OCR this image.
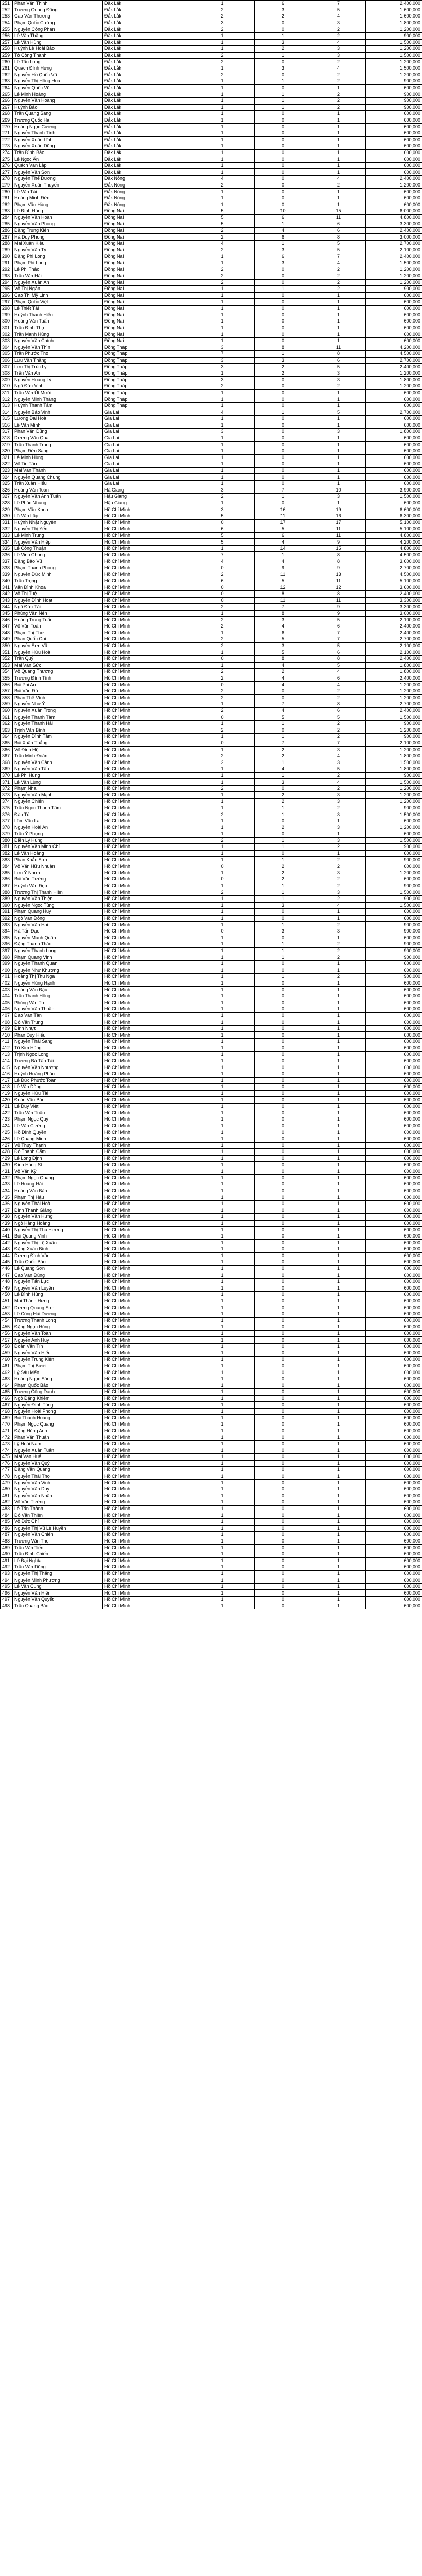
251	Phan Văn Thịnh	Đắk Lắk	1	6	7	2,400,000
252	Trương Quang Đồng	Đắk Lắk	2	3	5	1,600,000
253	Cao Văn Thương	Đắk Lắk	2	2	4	1,600,000
254	Phạm Quốc Cường	Đắk Lắk	3	0	3	1,800,000
255	Nguyễn Công Phán	Đắk Lắk	2	0	2	1,200,000
256	Lê Văn Thắng	Đắk Lắk	1	1	2	900,000
257	Lê Văn Hùng	Đắk Lắk	1	3	4	1,500,000
258	Huỳnh Lê Hoài Bảo	Đắk Lắk	1	2	3	1,200,000
259	Tô Công Thành	Đắk Lắk	2	1	3	1,500,000
260	Lê Tấn Long	Đắk Lắk	2	0	2	1,200,000
261	Quách Đình Hưng	Đắk Lắk	1	3	4	1,500,000
262	Nguyễn Hồ Quốc Vũ	Đắk Lắk	2	0	2	1,200,000
263	Nguyễn Thị Hồng Hoa	Đắk Lắk	1	1	2	900,000
264	Nguyễn Quốc Vũ	Đắk Lắk	1	0	1	600,000
265	Lê Minh Hoàng	Đắk Lắk	1	1	2	900,000
266	Nguyễn Văn Hoàng	Đắk Lắk	1	1	2	900,000
267	Huỳnh Bảo	Đắk Lắk	1	1	2	900,000
268	Trần Quang Sang	Đắk Lắk	1	0	1	600,000
269	Trương Quốc Hà	Đắk Lắk	1	0	1	600,000
270	Hoàng Ngọc Cường	Đắk Lắk	1	0	1	600,000
271	Nguyễn Thanh Tính	Đắk Lắk	1	0	1	600,000
272	Nguyễn Xuân Lĩnh	Đắk Lắk	1	0	1	600,000
273	Nguyễn Xuân Dũng	Đắk Lắk	1	0	1	600,000
274	Trần Đình Bảo	Đắk Lắk	1	0	1	600,000
275	Lê Ngọc Ẩn	Đắk Lắk	1	0	1	600,000
276	Quách Văn Lập	Đắk Lắk	1	0	1	600,000
277	Nguyễn Văn Sơn	Đắk Lắk	1	0	1	600,000
278	Nguyễn Thế Dương	Đắk Nông	4	0	4	2,400,000
279	Nguyễn Xuân Thuyến	Đắk Nông	2	0	2	1,200,000
280	Lê Văn Tài	Đắk Nông	1	0	1	600,000
281	Hoàng Minh Đức	Đắk Nông	1	0	1	600,000
282	Phạm Văn Hùng	Đắk Nông	1	0	1	600,000
283	Lê Đình Hùng	Đồng Nai	5	10	15	6,000,000
284	Nguyễn Văn Hoàn	Đồng Nai	5	6	11	4,800,000
285	Nguyễn Văn Phong	Đồng Nai	5	1	6	3,300,000
286	Đặng Trung Kiên	Đồng Nai	2	4	6	2,400,000
287	Hà Duy Phong	Đồng Nai	2	6	8	3,000,000
288	Mai Xuân Kiều	Đồng Nai	4	1	5	2,700,000
289	Nguyễn Văn Tý	Đồng Nai	2	3	5	2,100,000
290	Đặng Phi Long	Đồng Nai	1	6	7	2,400,000
291	Phạm Phi Long	Đồng Nai	1	3	4	1,500,000
292	Lê Phi Thảo	Đồng Nai	2	0	2	1,200,000
293	Trần Văn Hải	Đồng Nai	2	0	2	1,200,000
294	Nguyễn Xuân An	Đồng Nai	2	0	2	1,200,000
295	Võ Thị Ngân	Đồng Nai	1	1	2	900,000
296	Cao Thị Mỹ Linh	Đồng Nai	1	0	1	600,000
297	Phạm Quốc Việt	Đồng Nai	1	0	1	600,000
298	Lê Thiết Tài	Đồng Nai	1	0	1	600,000
299	Huỳnh Thanh Hiếu	Đồng Nai	1	0	1	600,000
300	Hoàng Văn Tuấn	Đồng Nai	1	0	1	600,000
301	Trần Đình Thọ	Đồng Nai	1	0	1	600,000
302	Trần Mạnh Hùng	Đồng Nai	1	0	1	600,000
303	Nguyễn Văn Chính	Đồng Nai	1	0	1	600,000
304	Nguyễn Văn Thìn	Đồng Tháp	3	8	11	4,200,000
305	Trần Phước Thọ	Đồng Tháp	7	1	8	4,500,000
306	Lưu Văn Thắng	Đồng Tháp	3	3	6	2,700,000
307	Lưu Thị Trúc Ly	Đồng Tháp	3	2	5	2,400,000
308	Trần Văn An	Đồng Tháp	1	2	3	1,200,000
309	Nguyễn Hoàng Lý	Đồng Tháp	3	0	3	1,800,000
310	Ngô Đức Vịnh	Đồng Tháp	2	0	2	1,200,000
311	Trần Văn Út Mười	Đồng Tháp	1	0	1	600,000
312	Nguyễn Minh Thắng	Đồng Tháp	1	0	1	600,000
313	Huỳnh Thanh Tâm	Đồng Tháp	1	0	1	600,000
314	Nguyễn Bảo Vinh	Gia Lai	4	1	5	2,700,000
315	Lương Đại Hoà	Gia Lai	1	0	1	600,000
316	Lê Văn Minh	Gia Lai	1	0	1	600,000
317	Phan Văn Dũng	Gia Lai	3	0	3	1,800,000
318	Dương Văn Qua	Gia Lai	1	0	1	600,000
319	Trần Thanh Trung	Gia Lai	1	0	1	600,000
320	Phạm Đức Sang	Gia Lai	1	0	1	600,000
321	Lê Minh Hùng	Gia Lai	1	0	1	600,000
322	Võ Tin Tân	Gia Lai	1	0	1	600,000
323	Mai Văn Thành	Gia Lai	1	0	1	600,000
324	Nguyễn Quang Chung	Gia Lai	1	0	1	600,000
325	Trần Xuân Hiếu	Gia Lai	1	0	1	600,000
326	Hoàng Văn Toàn	Hà Giang	3	7	10	3,900,000
327	Nguyễn Văn Anh Tuấn	Hậu Giang	2	1	3	1,500,000
328	Lê Phúc Nhung	Hậu Giang	1	0	1	600,000
329	Phạm Văn Khoa	Hồ Chí Minh	3	16	19	6,600,000
330	Lã Văn Lập	Hồ Chí Minh	5	11	16	6,300,000
331	Huỳnh Nhật Nguyên	Hồ Chí Minh	0	17	17	5,100,000
332	Nguyễn Thị Yến	Hồ Chí Minh	6	5	11	5,100,000
333	Lê Minh Trung	Hồ Chí Minh	5	6	11	4,800,000
334	Nguyễn Văn Hiệp	Hồ Chí Minh	5	4	9	4,200,000
335	Lê Công Thuận	Hồ Chí Minh	1	14	15	4,800,000
336	Lê Vinh Chung	Hồ Chí Minh	7	1	8	4,500,000
337	Đặng Bảo Vũ	Hồ Chí Minh	4	4	8	3,600,000
338	Phạm Thanh Phong	Hồ Chí Minh	0	9	9	2,700,000
339	Nguyễn Đức Minh	Hồ Chí Minh	2	11	13	4,500,000
340	Trần Trọng	Hồ Chí Minh	6	5	11	5,100,000
341	Văn Đình Khoa	Hồ Chí Minh	0	12	12	3,600,000
342	Võ Thị Tuệ	Hồ Chí Minh	0	8	8	2,400,000
343	Nguyễn Đình Hoạt	Hồ Chí Minh	0	11	11	3,300,000
344	Ngô Đức Tài	Hồ Chí Minh	2	7	9	3,300,000
345	Phùng Văn Nên	Hồ Chí Minh	1	8	9	3,000,000
346	Hoàng Trung Tuấn	Hồ Chí Minh	2	3	5	2,100,000
347	Võ Văn Toàn	Hồ Chí Minh	2	4	6	2,400,000
348	Phạm Thị Thơ	Hồ Chí Minh	1	6	7	2,400,000
349	Phan Quốc Oai	Hồ Chí Minh	2	5	7	2,700,000
350	Nguyễn Sơn Vũ	Hồ Chí Minh	2	3	5	2,100,000
351	Nguyễn Hữu Hoà	Hồ Chí Minh	1	5	6	2,100,000
352	Trần Quý	Hồ Chí Minh	0	8	8	2,400,000
353	Mai Văn Sức	Hồ Chí Minh	1	4	5	1,800,000
354	Võ Quang Thương	Hồ Chí Minh	2	2	4	1,800,000
355	Trương Đình Tĩnh	Hồ Chí Minh	2	4	6	2,400,000
356	Bùi Phi An	Hồ Chí Minh	0	4	4	1,200,000
357	Bùi Văn Đủ	Hồ Chí Minh	2	0	2	1,200,000
358	Phan Thế Vĩnh	Hồ Chí Minh	2	0	2	1,200,000
359	Nguyễn Như Ý	Hồ Chí Minh	1	7	8	2,700,000
360	Nguyễn Xuân Trọng	Hồ Chí Minh	2	4	6	2,400,000
361	Nguyễn Thanh Tâm	Hồ Chí Minh	0	5	5	1,500,000
362	Nguyễn Thanh Hải	Hồ Chí Minh	1	1	2	900,000
363	Trịnh Văn Bình	Hồ Chí Minh	2	0	2	1,200,000
364	Nguyễn Đình Tâm	Hồ Chí Minh	1	1	2	900,000
365	Bùi Xuân Thắng	Hồ Chí Minh	0	7	7	2,100,000
366	Võ Đình Hội	Hồ Chí Minh	1	2	3	1,200,000
367	Trần Minh Đoàn	Hồ Chí Minh	2	2	4	1,800,000
368	Nguyễn Văn Cảnh	Hồ Chí Minh	2	1	3	1,500,000
369	Nguyễn Văn Tấn	Hồ Chí Minh	1	4	5	1,800,000
370	Lê Phi Hùng	Hồ Chí Minh	1	1	2	900,000
371	Lê Văn Lùng	Hồ Chí Minh	1	3	4	1,500,000
372	Phạm Nha	Hồ Chí Minh	2	0	2	1,200,000
373	Nguyễn Văn Mạnh	Hồ Chí Minh	1	2	3	1,200,000
374	Nguyễn Chiến	Hồ Chí Minh	1	2	3	1,200,000
375	Trần Ngọc Thanh Tâm	Hồ Chí Minh	1	1	2	900,000
376	Đào Tú	Hồ Chí Minh	2	1	3	1,500,000
377	Lâm Văn Lai	Hồ Chí Minh	1	0	1	600,000
378	Nguyễn Hoài An	Hồ Chí Minh	1	2	3	1,200,000
379	Trần Ý Phụng	Hồ Chí Minh	1	0	1	600,000
380	Điền Lý Hùng	Hồ Chí Minh	2	1	3	1,500,000
381	Nguyễn Văn Minh Chí	Hồ Chí Minh	1	1	2	900,000
382	Lê Văn Hoàng	Hồ Chí Minh	1	0	1	600,000
383	Phan Khắc Sơn	Hồ Chí Minh	1	1	2	900,000
384	Võ Văn Hữu Nhuận	Hồ Chí Minh	0	2	2	600,000
385	Lưu Ý Nhơn	Hồ Chí Minh	1	2	3	1,200,000
386	Bùi Văn Tường	Hồ Chí Minh	0	2	2	600,000
387	Huỳnh Văn Đẹp	Hồ Chí Minh	1	1	2	900,000
388	Trương Thị Thanh Hiền	Hồ Chí Minh	2	1	3	1,500,000
389	Nguyễn Văn Thiện	Hồ Chí Minh	1	1	2	900,000
390	Nguyễn Ngọc Tùng	Hồ Chí Minh	1	3	4	1,500,000
391	Phạm Quang Huy	Hồ Chí Minh	1	0	1	600,000
392	Ngô Văn Đông	Hồ Chí Minh	1	0	1	600,000
393	Nguyễn Văn Hai	Hồ Chí Minh	1	1	2	900,000
394	Hà Tấn Đạo	Hồ Chí Minh	0	3	3	900,000
395	Nguyễn Mạnh Quân	Hồ Chí Minh	1	0	1	600,000
396	Đặng Thanh Thảo	Hồ Chí Minh	1	1	2	900,000
397	Nguyễn Thanh Long	Hồ Chí Minh	1	1	2	900,000
398	Phạm Quang Vinh	Hồ Chí Minh	1	1	2	900,000
399	Nguyễn Thanh Quan	Hồ Chí Minh	1	0	1	600,000
400	Nguyễn Như Khương	Hồ Chí Minh	1	0	1	600,000
401	Hoàng Thị Thu Nga	Hồ Chí Minh	1	1	2	900,000
402	Nguyễn Hùng Hạnh	Hồ Chí Minh	1	0	1	600,000
403	Hoàng Văn Đậu	Hồ Chí Minh	1	0	1	600,000
404	Trần Thanh Hồng	Hồ Chí Minh	1	0	1	600,000
405	Phùng Văn Tư	Hồ Chí Minh	1	0	1	600,000
406	Nguyễn Văn Thuần	Hồ Chí Minh	1	0	1	600,000
407	Đào Văn Tân	Hồ Chí Minh	1	0	1	600,000
408	Đỗ Văn Trung	Hồ Chí Minh	1	0	1	600,000
409	Đinh Nhựt	Hồ Chí Minh	1	0	1	600,000
410	Phan Duy Hiếu	Hồ Chí Minh	1	0	1	600,000
411	Nguyễn Thái Sang	Hồ Chí Minh	1	0	1	600,000
412	Tô Kim Hùng	Hồ Chí Minh	1	0	1	600,000
413	Trịnh Ngọc Long	Hồ Chí Minh	1	0	1	600,000
414	Trương Bá Tấn Tài	Hồ Chí Minh	1	0	1	600,000
415	Nguyễn Văn Nhường	Hồ Chí Minh	1	0	1	600,000
416	Huỳnh Hoàng Phúc	Hồ Chí Minh	1	0	1	600,000
417	Lê Đức Phước Toàn	Hồ Chí Minh	1	0	1	600,000
418	Lê Văn Dũng	Hồ Chí Minh	1	0	1	600,000
419	Nguyễn Hữu Tài	Hồ Chí Minh	1	0	1	600,000
420	Đoàn Văn Bảo	Hồ Chí Minh	1	0	1	600,000
421	Lê Duy Việt	Hồ Chí Minh	1	0	1	600,000
422	Trần Văn Tuấn	Hồ Chí Minh	1	0	1	600,000
423	Phạm Ngọc Quý	Hồ Chí Minh	1	0	1	600,000
424	Lê Văn Cường	Hồ Chí Minh	1	0	1	600,000
425	Hồ Đình Quyền	Hồ Chí Minh	1	0	1	600,000
426	Lê Quang Minh	Hồ Chí Minh	1	0	1	600,000
427	Vũ Thụy Thạnh	Hồ Chí Minh	1	0	1	600,000
428	Đỗ Thanh Cẩm	Hồ Chí Minh	1	0	1	600,000
429	Lê Long Định	Hồ Chí Minh	1	0	1	600,000
430	Đinh Hùng Sĩ	Hồ Chí Minh	1	0	1	600,000
431	Võ Văn Kỹ	Hồ Chí Minh	1	0	1	600,000
432	Phạm Ngọc Quang	Hồ Chí Minh	1	0	1	600,000
433	Lê Hoàng Hải	Hồ Chí Minh	1	0	1	600,000
434	Hoàng Văn Bản	Hồ Chí Minh	1	0	1	600,000
435	Phạm Thị Hậu	Hồ Chí Minh	1	0	1	600,000
436	Nguyễn Thái Hoà	Hồ Chí Minh	1	0	1	600,000
437	Đinh Thanh Giảng	Hồ Chí Minh	1	0	1	600,000
438	Nguyễn Văn Hưng	Hồ Chí Minh	1	0	1	600,000
439	Ngô Hàng Hoàng	Hồ Chí Minh	1	0	1	600,000
440	Nguyễn Thị Thu Hương	Hồ Chí Minh	1	0	1	600,000
441	Bùi Quang Vinh	Hồ Chí Minh	1	0	1	600,000
442	Nguyễn Thị Lệ Xuân	Hồ Chí Minh	1	0	1	600,000
443	Đặng Xuân Bình	Hồ Chí Minh	1	0	1	600,000
444	Dương Đình Vân	Hồ Chí Minh	1	0	1	600,000
445	Trần Quốc Bảo	Hồ Chí Minh	1	0	1	600,000
446	Lê Quang Sơn	Hồ Chí Minh	1	0	1	600,000
447	Cao Văn Đúng	Hồ Chí Minh	1	0	1	600,000
448	Nguyễn Tấn Lực	Hồ Chí Minh	1	0	1	600,000
449	Nguyễn Văn Luyện	Hồ Chí Minh	1	0	1	600,000
450	Lê Đình Hùng	Hồ Chí Minh	1	0	1	600,000
451	Mai Thành Hưng	Hồ Chí Minh	1	0	1	600,000
452	Dương Quang Sơn	Hồ Chí Minh	1	0	1	600,000
453	Lê Công Hải Dương	Hồ Chí Minh	1	0	1	600,000
454	Trương Thanh Long	Hồ Chí Minh	1	0	1	600,000
455	Đặng Ngọc Hùng	Hồ Chí Minh	1	0	1	600,000
456	Nguyễn Văn Toàn	Hồ Chí Minh	1	0	1	600,000
457	Nguyễn Anh Huy	Hồ Chí Minh	1	0	1	600,000
458	Đoàn Văn Tín	Hồ Chí Minh	1	0	1	600,000
459	Nguyễn Văn Hiếu	Hồ Chí Minh	1	0	1	600,000
460	Nguyễn Trung Kiên	Hồ Chí Minh	1	0	1	600,000
461	Phạm Thị Bưởi	Hồ Chí Minh	1	0	1	600,000
462	Lý Sáu Mến	Hồ Chí Minh	1	0	1	600,000
463	Hoàng Ngọc Sáng	Hồ Chí Minh	1	0	1	600,000
464	Phạm Quốc Bảo	Hồ Chí Minh	1	0	1	600,000
465	Trương Công Danh	Hồ Chí Minh	1	0	1	600,000
466	Ngô Đặng Khiêm	Hồ Chí Minh	1	0	1	600,000
467	Nguyễn Đình Tùng	Hồ Chí Minh	1	0	1	600,000
468	Nguyễn Hoài Phong	Hồ Chí Minh	1	0	1	600,000
469	Bùi Thanh Hoàng	Hồ Chí Minh	1	0	1	600,000
470	Phạm Ngọc Quang	Hồ Chí Minh	1	0	1	600,000
471	Đặng Hùng Anh	Hồ Chí Minh	1	0	1	600,000
472	Phan Văn Thuận	Hồ Chí Minh	1	0	1	600,000
473	Lý Hoài Nam	Hồ Chí Minh	1	0	1	600,000
474	Nguyễn Xuân Tuấn	Hồ Chí Minh	1	0	1	600,000
475	Mai Văn Huế	Hồ Chí Minh	1	0	1	600,000
476	Nguyễn Văn Quý	Hồ Chí Minh	1	0	1	600,000
477	Đặng Văn Quang	Hồ Chí Minh	1	0	1	600,000
478	Nguyễn Thái Thọ	Hồ Chí Minh	1	0	1	600,000
479	Nguyễn Văn Vinh	Hồ Chí Minh	1	0	1	600,000
480	Nguyễn Văn Duy	Hồ Chí Minh	1	0	1	600,000
481	Nguyễn Văn Nhân	Hồ Chí Minh	1	0	1	600,000
482	Võ Văn Tường	Hồ Chí Minh	1	0	1	600,000
483	Lê Tấn Thành	Hồ Chí Minh	1	0	1	600,000
484	Đỗ Văn Thiện	Hồ Chí Minh	1	0	1	600,000
485	Võ Đức Chí	Hồ Chí Minh	1	0	1	600,000
486	Nguyễn Thị Vũ Lệ Huyền	Hồ Chí Minh	1	0	1	600,000
487	Nguyễn Văn Chiến	Hồ Chí Minh	1	0	1	600,000
488	Trương Văn Thọ	Hồ Chí Minh	1	0	1	600,000
489	Trần Văn Tiến	Hồ Chí Minh	1	0	1	600,000
490	Trần Đình Chiến	Hồ Chí Minh	1	0	1	600,000
491	Lê Đại Nghĩa	Hồ Chí Minh	1	0	1	600,000
492	Trần Văn Dũng	Hồ Chí Minh	1	0	1	600,000
493	Nguyễn Thị Thắng	Hồ Chí Minh	1	0	1	600,000
494	Nguyễn Minh Phương	Hồ Chí Minh	1	0	1	600,000
495	Lê Văn Cung	Hồ Chí Minh	1	0	1	600,000
496	Nguyễn Văn Hiền	Hồ Chí Minh	1	0	1	600,000
497	Nguyễn Văn Quyết	Hồ Chí Minh	1	0	1	600,000
498	Trần Quang Bảo	Hồ Chí Minh	1	0	1	600,000
